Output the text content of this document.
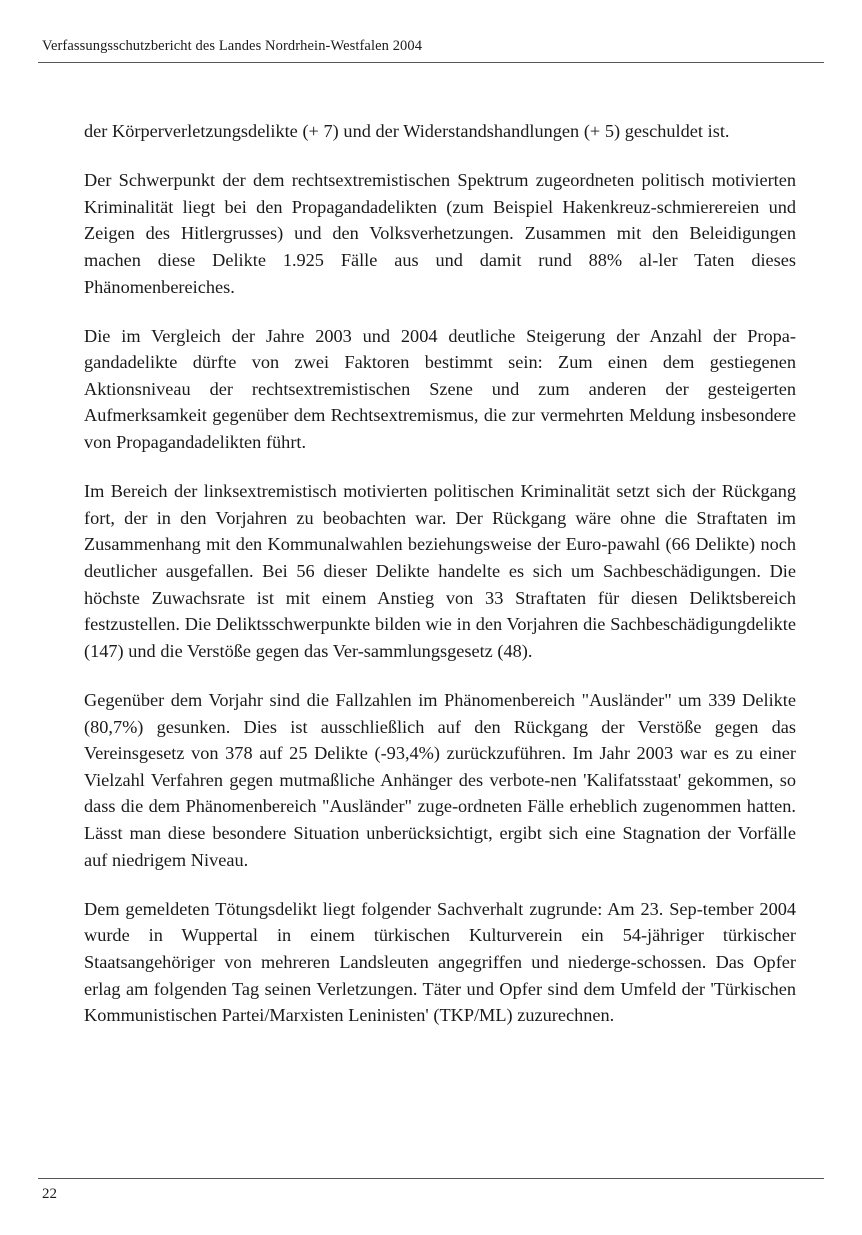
Verfassungsschutzbericht des Landes Nordrhein-Westfalen 2004

der Körperverletzungsdelikte (+ 7) und der Widerstandshandlungen (+ 5) geschuldet ist.

Der Schwerpunkt der dem rechtsextremistischen Spektrum zugeordneten politisch motivierten Kriminalität liegt bei den Propagandadelikten (zum Beispiel Hakenkreuz-schmierereien und Zeigen des Hitlergrusses) und den Volksverhetzungen. Zusammen mit den Beleidigungen machen diese Delikte 1.925 Fälle aus und damit rund 88% al-ler Taten dieses Phänomenbereiches.

Die im Vergleich der Jahre 2003 und 2004 deutliche Steigerung der Anzahl der Propa-gandadelikte dürfte von zwei Faktoren bestimmt sein: Zum einen dem gestiegenen Aktionsniveau der rechtsextremistischen Szene und zum anderen der gesteigerten Aufmerksamkeit gegenüber dem Rechtsextremismus, die zur vermehrten Meldung insbesondere von Propagandadelikten führt.

Im Bereich der linksextremistisch motivierten politischen Kriminalität setzt sich der Rückgang fort, der in den Vorjahren zu beobachten war. Der Rückgang wäre ohne die Straftaten im Zusammenhang mit den Kommunalwahlen beziehungsweise der Euro-pawahl (66 Delikte) noch deutlicher ausgefallen. Bei 56 dieser Delikte handelte es sich um Sachbeschädigungen. Die höchste Zuwachsrate ist mit einem Anstieg von 33 Straftaten für diesen Deliktsbereich festzustellen. Die Deliktsschwerpunkte bilden wie in den Vorjahren die Sachbeschädigungdelikte (147) und die Verstöße gegen das Ver-sammlungsgesetz (48).

Gegenüber dem Vorjahr sind die Fallzahlen im Phänomenbereich "Ausländer" um 339 Delikte (80,7%) gesunken. Dies ist ausschließlich auf den Rückgang der Verstöße gegen das Vereinsgesetz von 378 auf 25 Delikte (-93,4%) zurückzuführen. Im Jahr 2003 war es zu einer Vielzahl Verfahren gegen mutmaßliche Anhänger des verbote-nen 'Kalifatsstaat' gekommen, so dass die dem Phänomenbereich "Ausländer" zuge-ordneten Fälle erheblich zugenommen hatten. Lässt man diese besondere Situation unberücksichtigt, ergibt sich eine Stagnation der Vorfälle auf niedrigem Niveau.

Dem gemeldeten Tötungsdelikt liegt folgender Sachverhalt zugrunde: Am 23. Sep-tember 2004 wurde in Wuppertal in einem türkischen Kulturverein ein 54-jähriger türkischer Staatsangehöriger von mehreren Landsleuten angegriffen und niederge-schossen. Das Opfer erlag am folgenden Tag seinen Verletzungen. Täter und Opfer sind dem Umfeld der 'Türkischen Kommunistischen Partei/Marxisten Leninisten' (TKP/ML) zuzurechnen.

22
